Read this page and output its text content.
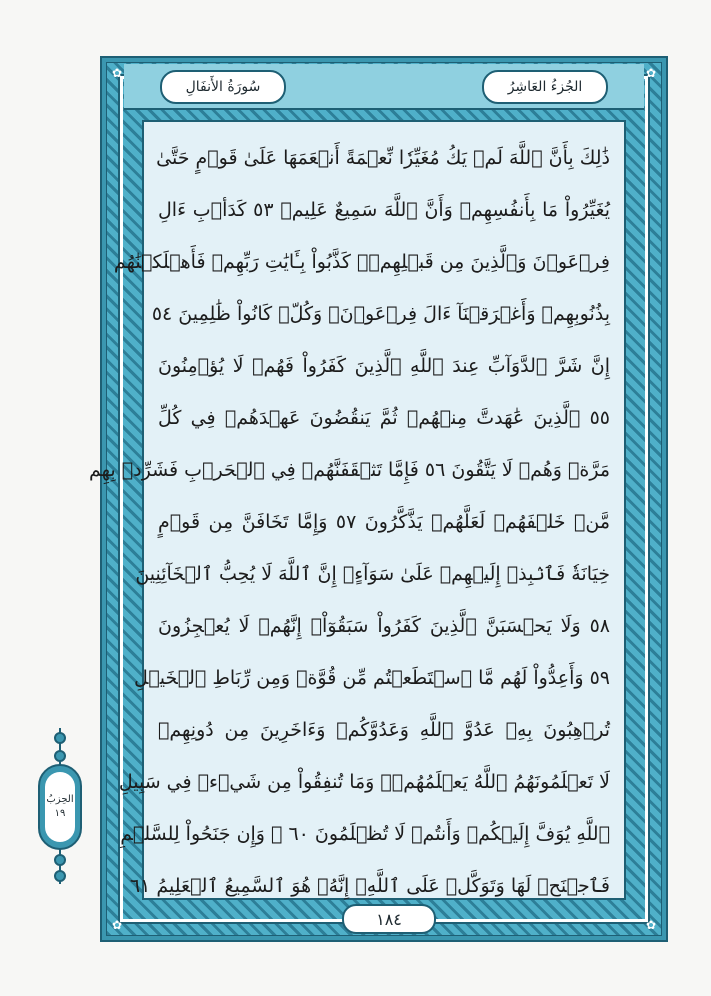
سُورَةُ الأَنفَالِ	الجُزءُ العَاشِرُ
✿	✿
✿	✿
ذَٰلِكَ بِأَنَّ ٱللَّهَ لَمۡ يَكُ مُغَيِّرٗا نِّعۡمَةً أَنۡعَمَهَا عَلَىٰ قَوۡمٍ حَتَّىٰ
يُغَيِّرُواْ مَا بِأَنفُسِهِمۡ وَأَنَّ ٱللَّهَ سَمِيعٌ عَلِيمٞ ٥٣ كَدَأۡبِ ءَالِ
فِرۡعَوۡنَ وَٱلَّذِينَ مِن قَبۡلِهِمۡۚ كَذَّبُواْ بِـَٔايَٰتِ رَبِّهِمۡ فَأَهۡلَكۡنَٰهُم
بِذُنُوبِهِمۡ وَأَغۡرَقۡنَآ ءَالَ فِرۡعَوۡنَۚ وَكُلّٞ كَانُواْ ظَٰلِمِينَ ٥٤
إِنَّ شَرَّ ٱلدَّوَآبِّ عِندَ ٱللَّهِ ٱلَّذِينَ كَفَرُواْ فَهُمۡ لَا يُؤۡمِنُونَ
٥٥ ٱلَّذِينَ عَٰهَدتَّ مِنۡهُمۡ ثُمَّ يَنقُضُونَ عَهۡدَهُمۡ فِي كُلِّ
مَرَّةٖ وَهُمۡ لَا يَتَّقُونَ ٥٦ فَإِمَّا تَثۡقَفَنَّهُمۡ فِي ٱلۡحَرۡبِ فَشَرِّدۡ بِهِم
مَّنۡ خَلۡفَهُمۡ لَعَلَّهُمۡ يَذَّكَّرُونَ ٥٧ وَإِمَّا تَخَافَنَّ مِن قَوۡمٍ
خِيَانَةٗ فَٱنۢبِذۡ إِلَيۡهِمۡ عَلَىٰ سَوَآءٍۚ إِنَّ ٱللَّهَ لَا يُحِبُّ ٱلۡخَآئِنِينَ
٥٨ وَلَا يَحۡسَبَنَّ ٱلَّذِينَ كَفَرُواْ سَبَقُوٓاْۚ إِنَّهُمۡ لَا يُعۡجِزُونَ
٥٩ وَأَعِدُّواْ لَهُم مَّا ٱسۡتَطَعۡتُم مِّن قُوَّةٖ وَمِن رِّبَاطِ ٱلۡخَيۡلِ
تُرۡهِبُونَ بِهِۦ عَدُوَّ ٱللَّهِ وَعَدُوَّكُمۡ وَءَاخَرِينَ مِن دُونِهِمۡ
لَا تَعۡلَمُونَهُمُ ٱللَّهُ يَعۡلَمُهُمۡۚ وَمَا تُنفِقُواْ مِن شَيۡءٖ فِي سَبِيلِ
ٱللَّهِ يُوَفَّ إِلَيۡكُمۡ وَأَنتُمۡ لَا تُظۡلَمُونَ ٦٠ ۞ وَإِن جَنَحُواْ لِلسَّلۡمِ
فَٱجۡنَحۡ لَهَا وَتَوَكَّلۡ عَلَى ٱللَّهِۚ إِنَّهُۥ هُوَ ٱلسَّمِيعُ ٱلۡعَلِيمُ ٦١
١٨٤
الحِزبُ
١٩
